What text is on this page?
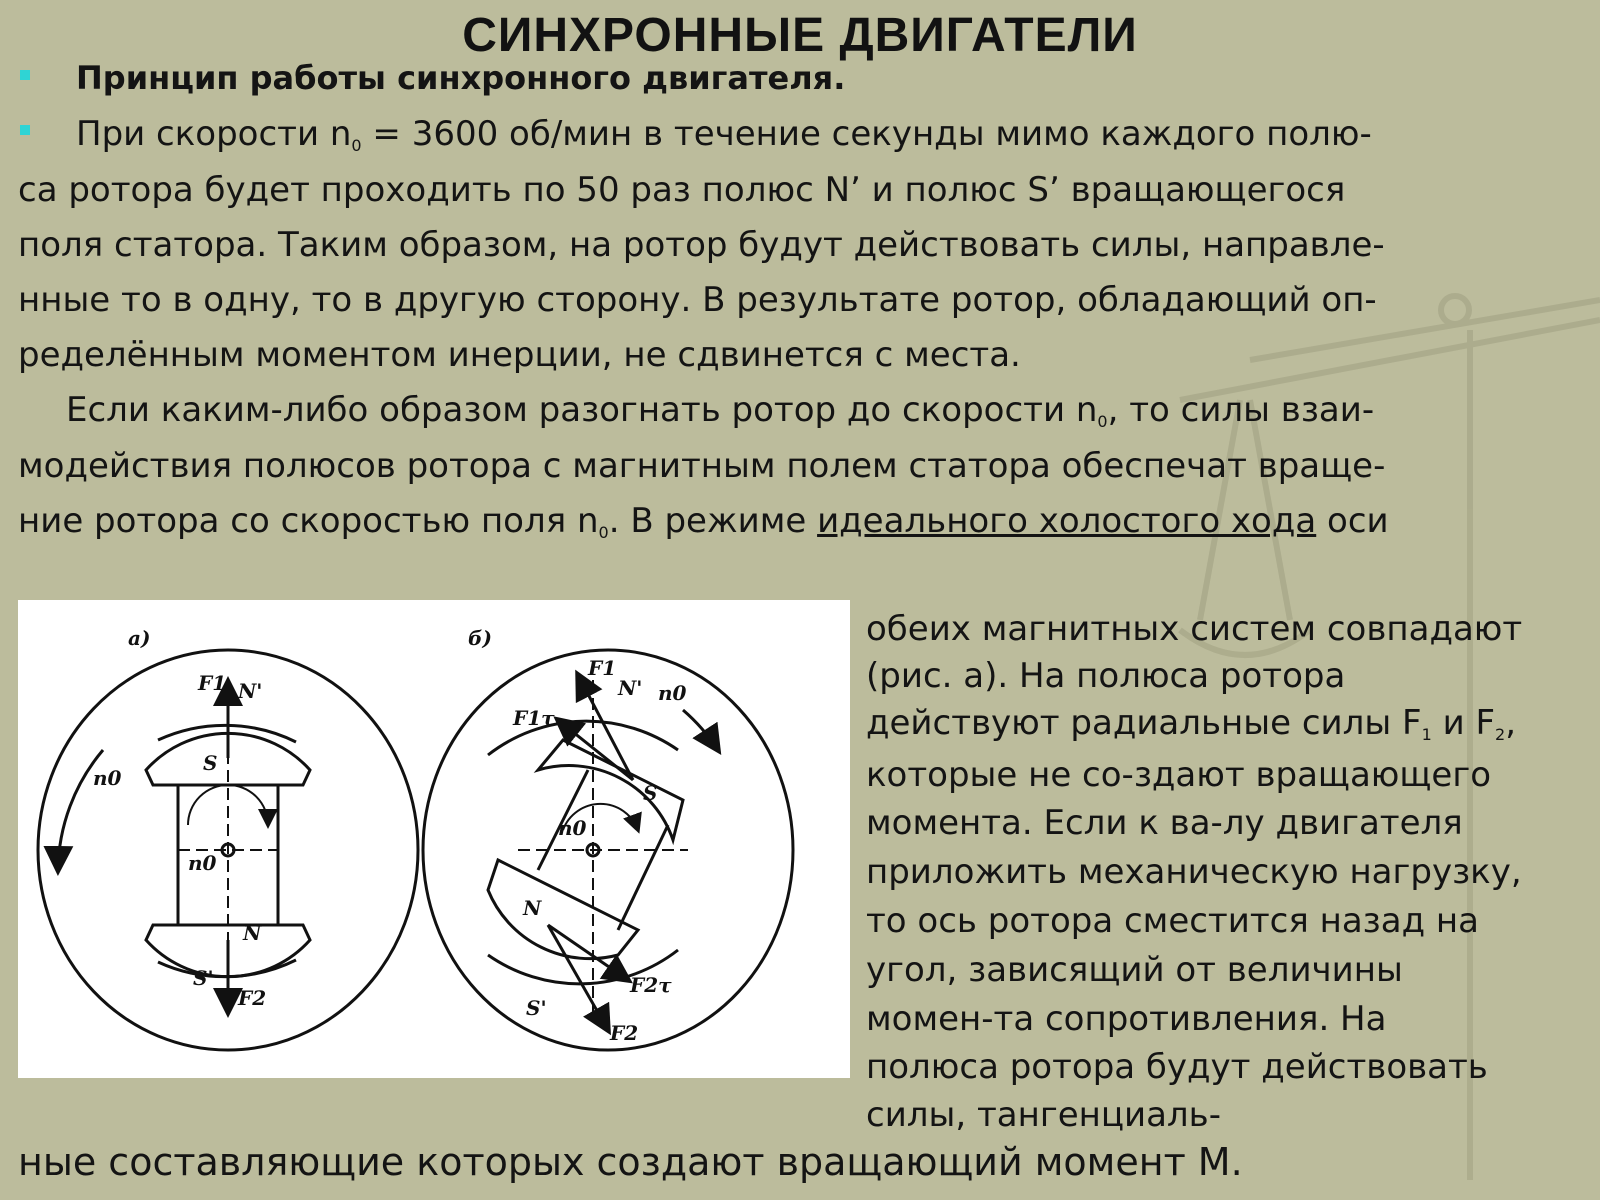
СИНХРОННЫЕ ДВИГАТЕЛИ
Принцип работы синхронного двигателя.
При скорости $n_0 = 3600$ об/мин в течение секунды мимо каждого полю-
са ротора будет проходить по 50 раз полюс N’ и полюс S’ вращающегося
поля статора. Таким образом, на ротор будут действовать силы, направле-
нные то в одну, то в другую сторону. В результате ротор, обладающий оп-
ределённым моментом инерции, не сдвинется с места.
Если каким-либо образом разогнать ротор до скорости $n_0$, то силы взаи-
модействия полюсов ротора с магнитным полем статора обеспечат враще-
ние ротора со скоростью поля $n_0$. В режиме идеального холостого хода оси
а)
F1 N'
S
N
S'
F2
n0
n0
б)
F1
N' n0
F1τ
S
n0
N
F2τ
S'
F2
обеих магнитных систем совпадают
(рис. а). На полюса ротора
действуют радиальные силы $F_1$ и $F_2$,
которые не со-здают вращающего
момента. Если к ва-лу двигателя
приложить механическую нагрузку,
то ось ротора сместится назад на
угол, зависящий от величины
момен-та сопротивления. На
полюса ротора будут действовать
силы, тангенциаль-
ные составляющие которых создают вращающий момент М.
